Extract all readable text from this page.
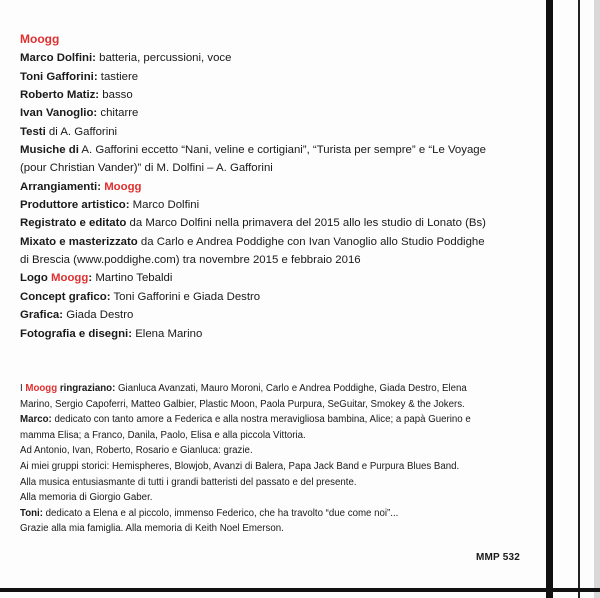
Moogg

Marco Dolfini: batteria, percussioni, voce

Toni Gafforini: tastiere

Roberto Matiz: basso

Ivan Vanoglio: chitarre

Testi di A. Gafforini

Musiche di A. Gafforini eccetto “Nani, veline e cortigiani”, “Turista per sempre” e “Le Voyage

(pour Christian Vander)” di M. Dolfini – A. Gafforini

Arrangiamenti: Moogg

Produttore artistico: Marco Dolfini

Registrato e editato da Marco Dolfini nella primavera del 2015 allo les studio di Lonato (Bs)

Mixato e masterizzato da Carlo e Andrea Poddighe con Ivan Vanoglio allo Studio Poddighe

di Brescia (www.poddighe.com) tra novembre 2015 e febbraio 2016

Logo Moogg: Martino Tebaldi

Concept grafico: Toni Gafforini e Giada Destro

Grafica: Giada Destro

Fotografia e disegni: Elena Marino

I Moogg ringraziano: Gianluca Avanzati, Mauro Moroni, Carlo e Andrea Poddighe, Giada Destro, Elena

Marino, Sergio Capoferri, Matteo Galbier, Plastic Moon, Paola Purpura, SeGuitar, Smokey & the Jokers.

Marco: dedicato con tanto amore a Federica e alla nostra meravigliosa bambina, Alice; a papà Guerino e

mamma Elisa; a Franco, Danila, Paolo, Elisa e alla piccola Vittoria.

Ad Antonio, Ivan, Roberto, Rosario e Gianluca: grazie.

Ai miei gruppi storici: Hemispheres, Blowjob, Avanzi di Balera, Papa Jack Band e Purpura Blues Band.

Alla musica entusiasmante di tutti i grandi batteristi del passato e del presente.

Alla memoria di Giorgio Gaber.

Toni: dedicato a Elena e al piccolo, immenso Federico, che ha travolto “due come noi”...

Grazie alla mia famiglia. Alla memoria di Keith Noel Emerson.

MMP 532
